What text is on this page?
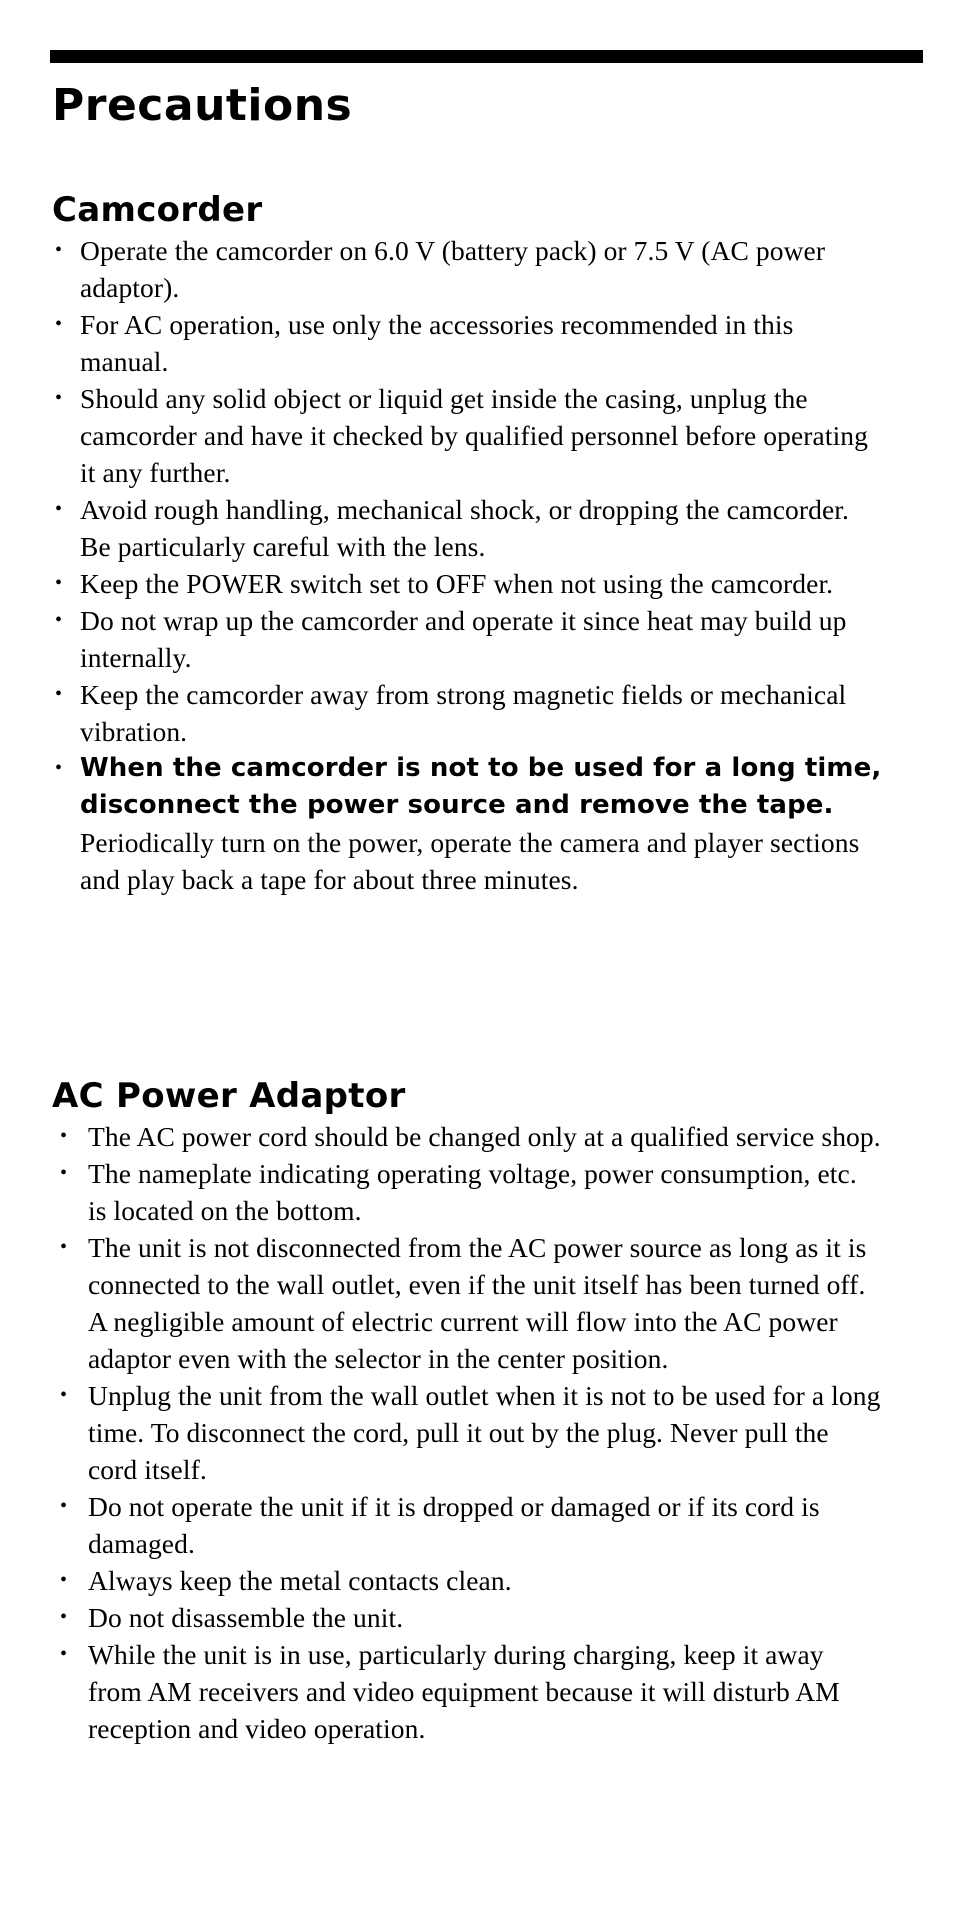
Precautions
Camcorder
• Operate the camcorder on 6.0 V (battery pack) or 7.5 V (AC power adaptor).
• For AC operation, use only the accessories recommended in this manual.
• Should any solid object or liquid get inside the casing, unplug the camcorder and have it checked by qualified personnel before operating it any further.
• Avoid rough handling, mechanical shock, or dropping the camcorder. Be particularly careful with the lens.
• Keep the POWER switch set to OFF when not using the camcorder.
• Do not wrap up the camcorder and operate it since heat may build up internally.
• Keep the camcorder away from strong magnetic fields or mechanical vibration.
• When the camcorder is not to be used for a long time, disconnect the power source and remove the tape.
Periodically turn on the power, operate the camera and player sections and play back a tape for about three minutes.
AC Power Adaptor
• The AC power cord should be changed only at a qualified service shop.
• The nameplate indicating operating voltage, power consumption, etc. is located on the bottom.
• The unit is not disconnected from the AC power source as long as it is connected to the wall outlet, even if the unit itself has been turned off. A negligible amount of electric current will flow into the AC power adaptor even with the selector in the center position.
• Unplug the unit from the wall outlet when it is not to be used for a long time. To disconnect the cord, pull it out by the plug. Never pull the cord itself.
• Do not operate the unit if it is dropped or damaged or if its cord is damaged.
• Always keep the metal contacts clean.
• Do not disassemble the unit.
• While the unit is in use, particularly during charging, keep it away from AM receivers and video equipment because it will disturb AM reception and video operation.
